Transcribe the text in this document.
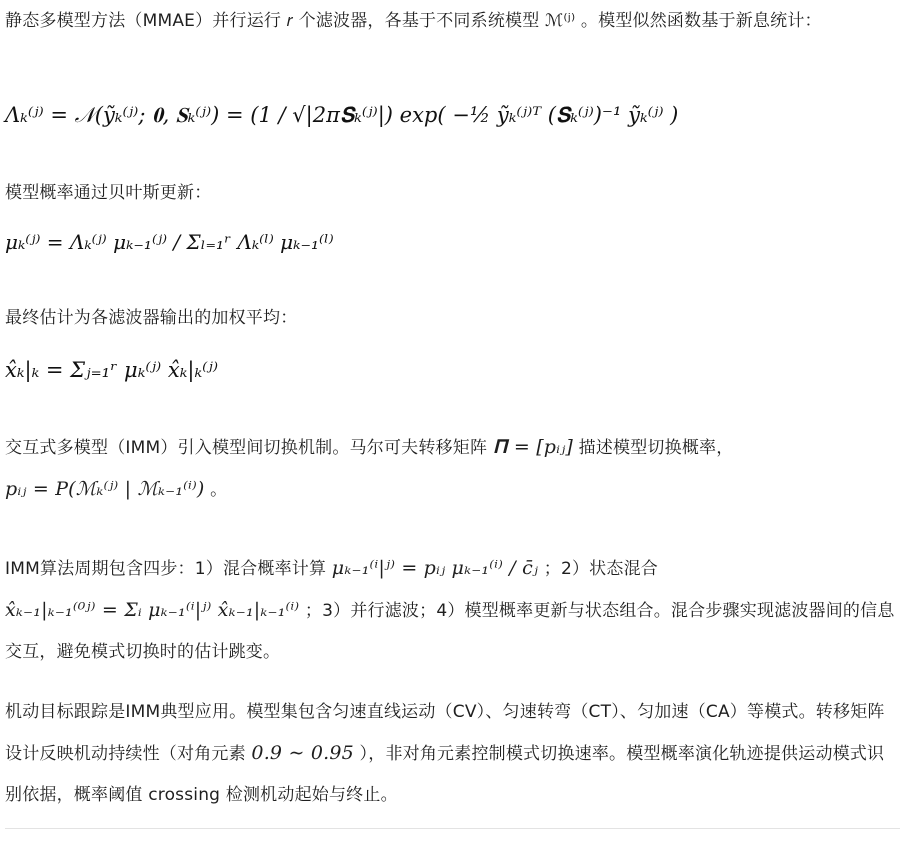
静态多模型方法（MMAE）并行运行 𝑟 个滤波器，各基于不同系统模型 ℳ⁽ʲ⁾ 。模型似然函数基于新息统计：

Λₖ⁽ʲ⁾ = 𝒩(ỹₖ⁽ʲ⁾; 𝟎, 𝐒ₖ⁽ʲ⁾) = (1 / √|2π𝐒ₖ⁽ʲ⁾|) exp( −½ ỹₖ⁽ʲ⁾ᵀ (𝐒ₖ⁽ʲ⁾)⁻¹ ỹₖ⁽ʲ⁾ )

模型概率通过贝叶斯更新：

μₖ⁽ʲ⁾ = Λₖ⁽ʲ⁾ μₖ₋₁⁽ʲ⁾ / Σₗ₌₁ʳ Λₖ⁽ˡ⁾ μₖ₋₁⁽ˡ⁾

最终估计为各滤波器输出的加权平均：

x̂ₖ|ₖ = Σⱼ₌₁ʳ μₖ⁽ʲ⁾ x̂ₖ|ₖ⁽ʲ⁾

交互式多模型（IMM）引入模型间切换机制。马尔可夫转移矩阵 𝚷 = [pᵢⱼ] 描述模型切换概率，pᵢⱼ = P(ℳₖ⁽ʲ⁾ | ℳₖ₋₁⁽ⁱ⁾) 。

IMM算法周期包含四步：1）混合概率计算 μₖ₋₁⁽ⁱ|ʲ⁾ = pᵢⱼ μₖ₋₁⁽ⁱ⁾ / c̄ⱼ ；2）状态混合 x̂ₖ₋₁|ₖ₋₁⁽⁰ʲ⁾ = Σᵢ μₖ₋₁⁽ⁱ|ʲ⁾ x̂ₖ₋₁|ₖ₋₁⁽ⁱ⁾ ；3）并行滤波；4）模型概率更新与状态组合。混合步骤实现滤波器间的信息交互，避免模式切换时的估计跳变。

机动目标跟踪是IMM典型应用。模型集包含匀速直线运动（CV）、匀速转弯（CT）、匀加速（CA）等模式。转移矩阵设计反映机动持续性（对角元素 0.9 ∼ 0.95 ），非对角元素控制模式切换速率。模型概率演化轨迹提供运动模式识别依据，概率阈值 crossing 检测机动起始与终止。
